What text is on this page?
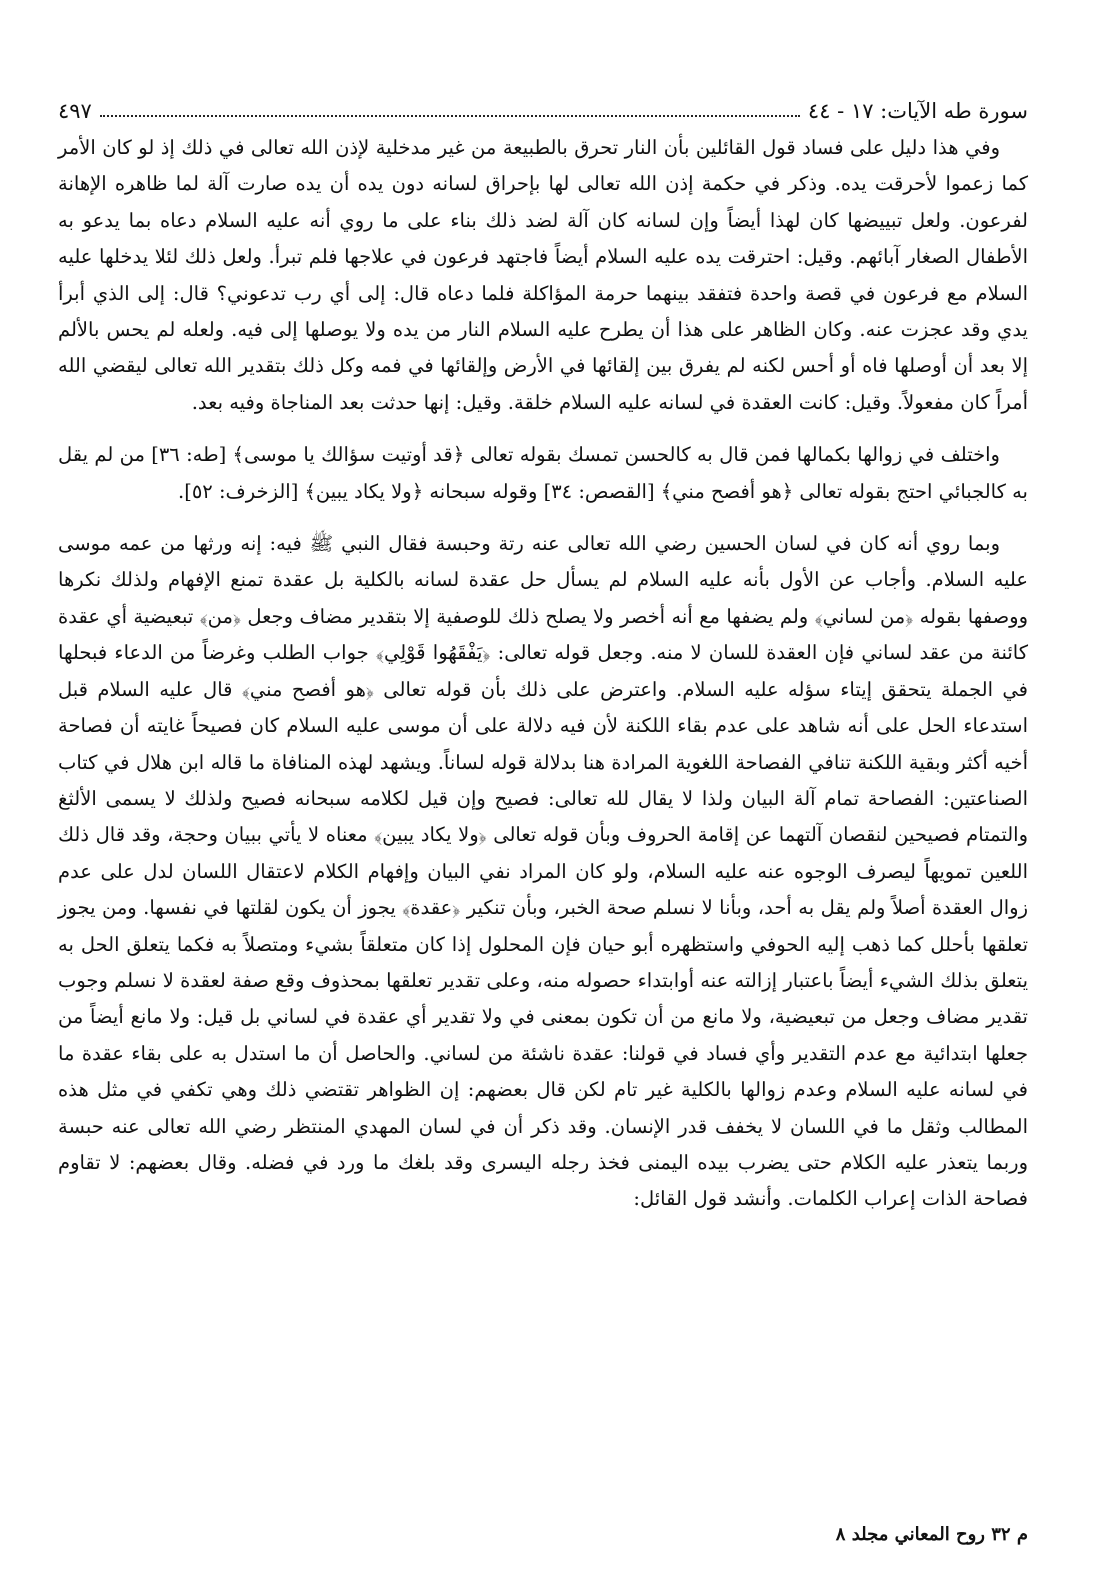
سورة طه الآيات: ١٧ - ٤٤
٤٩٧

وفي هذا دليل على فساد قول القائلين بأن النار تحرق بالطبيعة من غير مدخلية لإذن الله تعالى في ذلك إذ لو كان الأمر كما زعموا لأحرقت يده. وذكر في حكمة إذن الله تعالى لها بإحراق لسانه دون يده أن يده صارت آلة لما ظاهره الإهانة لفرعون. ولعل تبييضها كان لهذا أيضاً وإن لسانه كان آلة لضد ذلك بناء على ما روي أنه عليه السلام دعاه بما يدعو به الأطفال الصغار آبائهم. وقيل: احترقت يده عليه السلام أيضاً فاجتهد فرعون في علاجها فلم تبرأ. ولعل ذلك لئلا يدخلها عليه السلام مع فرعون في قصة واحدة فتفقد بينهما حرمة المؤاكلة فلما دعاه قال: إلى أي رب تدعوني؟ قال: إلى الذي أبرأ يدي وقد عجزت عنه. وكان الظاهر على هذا أن يطرح عليه السلام النار من يده ولا يوصلها إلى فيه. ولعله لم يحس بالألم إلا بعد أن أوصلها فاه أو أحس لكنه لم يفرق بين إلقائها في الأرض وإلقائها في فمه وكل ذلك بتقدير الله تعالى ليقضي الله أمراً كان مفعولاً. وقيل: كانت العقدة في لسانه عليه السلام خلقة. وقيل: إنها حدثت بعد المناجاة وفيه بعد.

واختلف في زوالها بكمالها فمن قال به كالحسن تمسك بقوله تعالى ﴿قد أوتيت سؤالك يا موسى﴾ [طه: ٣٦] من لم يقل به كالجبائي احتج بقوله تعالى ﴿هو أفصح مني﴾ [القصص: ٣٤] وقوله سبحانه ﴿ولا يكاد يبين﴾ [الزخرف: ٥٢].

وبما روي أنه كان في لسان الحسين رضي الله تعالى عنه رتة وحبسة فقال النبي ﷺ فيه: إنه ورثها من عمه موسى عليه السلام. وأجاب عن الأول بأنه عليه السلام لم يسأل حل عقدة لسانه بالكلية بل عقدة تمنع الإفهام ولذلك نكرها ووصفها بقوله ﴿من لساني﴾ ولم يضفها مع أنه أخصر ولا يصلح ذلك للوصفية إلا بتقدير مضاف وجعل ﴿من﴾ تبعيضية أي عقدة كائنة من عقد لساني فإن العقدة للسان لا منه. وجعل قوله تعالى: ﴿يَفْقَهُوا قَوْلِي﴾ جواب الطلب وغرضاً من الدعاء فبحلها في الجملة يتحقق إيتاء سؤله عليه السلام. واعترض على ذلك بأن قوله تعالى ﴿هو أفصح مني﴾ قال عليه السلام قبل استدعاء الحل على أنه شاهد على عدم بقاء اللكنة لأن فيه دلالة على أن موسى عليه السلام كان فصيحاً غايته أن فصاحة أخيه أكثر وبقية اللكنة تنافي الفصاحة اللغوية المرادة هنا بدلالة قوله لساناً. ويشهد لهذه المنافاة ما قاله ابن هلال في كتاب الصناعتين: الفصاحة تمام آلة البيان ولذا لا يقال لله تعالى: فصيح وإن قيل لكلامه سبحانه فصيح ولذلك لا يسمى الألثغ والتمتام فصيحين لنقصان آلتهما عن إقامة الحروف وبأن قوله تعالى ﴿ولا يكاد يبين﴾ معناه لا يأتي ببيان وحجة، وقد قال ذلك اللعين تمويهاً ليصرف الوجوه عنه عليه السلام، ولو كان المراد نفي البيان وإفهام الكلام لاعتقال اللسان لدل على عدم زوال العقدة أصلاً ولم يقل به أحد، وبأنا لا نسلم صحة الخبر، وبأن تنكير ﴿عقدة﴾ يجوز أن يكون لقلتها في نفسها. ومن يجوز تعلقها بأحلل كما ذهب إليه الحوفي واستظهره أبو حيان فإن المحلول إذا كان متعلقاً بشيء ومتصلاً به فكما يتعلق الحل به يتعلق بذلك الشيء أيضاً باعتبار إزالته عنه أوابتداء حصوله منه، وعلى تقدير تعلقها بمحذوف وقع صفة لعقدة لا نسلم وجوب تقدير مضاف وجعل من تبعيضية، ولا مانع من أن تكون بمعنى في ولا تقدير أي عقدة في لساني بل قيل: ولا مانع أيضاً من جعلها ابتدائية مع عدم التقدير وأي فساد في قولنا: عقدة ناشئة من لساني. والحاصل أن ما استدل به على بقاء عقدة ما في لسانه عليه السلام وعدم زوالها بالكلية غير تام لكن قال بعضهم: إن الظواهر تقتضي ذلك وهي تكفي في مثل هذه المطالب وثقل ما في اللسان لا يخفف قدر الإنسان. وقد ذكر أن في لسان المهدي المنتظر رضي الله تعالى عنه حبسة وربما يتعذر عليه الكلام حتى يضرب بيده اليمنى فخذ رجله اليسرى وقد بلغك ما ورد في فضله. وقال بعضهم: لا تقاوم فصاحة الذات إعراب الكلمات. وأنشد قول القائل:

م ٣٢ روح المعاني مجلد ٨
